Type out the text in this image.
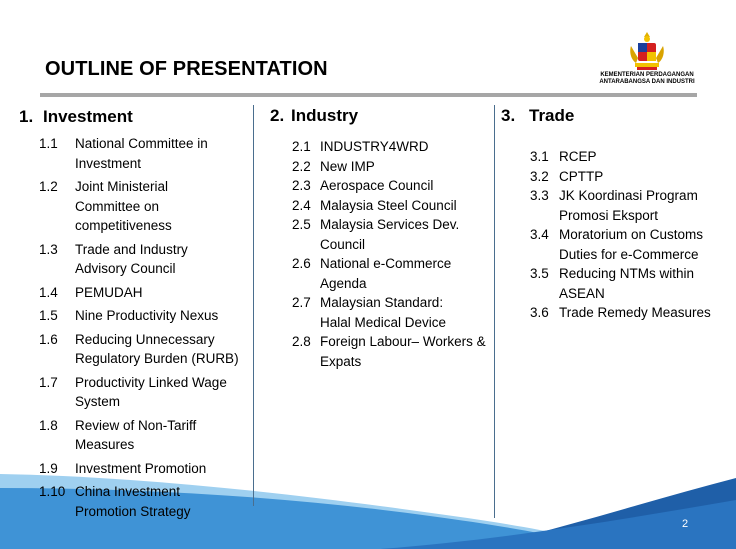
OUTLINE OF PRESENTATION	KEMENTERIAN PERDAGANGAN
ANTARABANGSA DAN INDUSTRI
1. Investment
1.1	National Committee in Investment
1.2	Joint Ministerial Committee on competitiveness
1.3	Trade and Industry Advisory Council
1.4	PEMUDAH
1.5	Nine Productivity Nexus
1.6	Reducing Unnecessary Regulatory Burden (RURB)
1.7	Productivity Linked Wage System
1.8	Review of Non-Tariff Measures
1.9	Investment Promotion
1.10 China Investment Promotion Strategy
2. Industry
2.1 INDUSTRY4WRD
2.2 New IMP
2.3 Aerospace Council
2.4 Malaysia Steel Council
2.5 Malaysia Services Dev. Council
2.6 National e-Commerce Agenda
2.7 Malaysian Standard: Halal Medical Device
2.8 Foreign Labour– Workers & Expats
3. Trade
3.1 RCEP
3.2 CPTTP
3.3 JK Koordinasi Program Promosi Eksport
3.4 Moratorium on Customs Duties for e-Commerce
3.5 Reducing NTMs within ASEAN
3.6 Trade Remedy Measures
2
